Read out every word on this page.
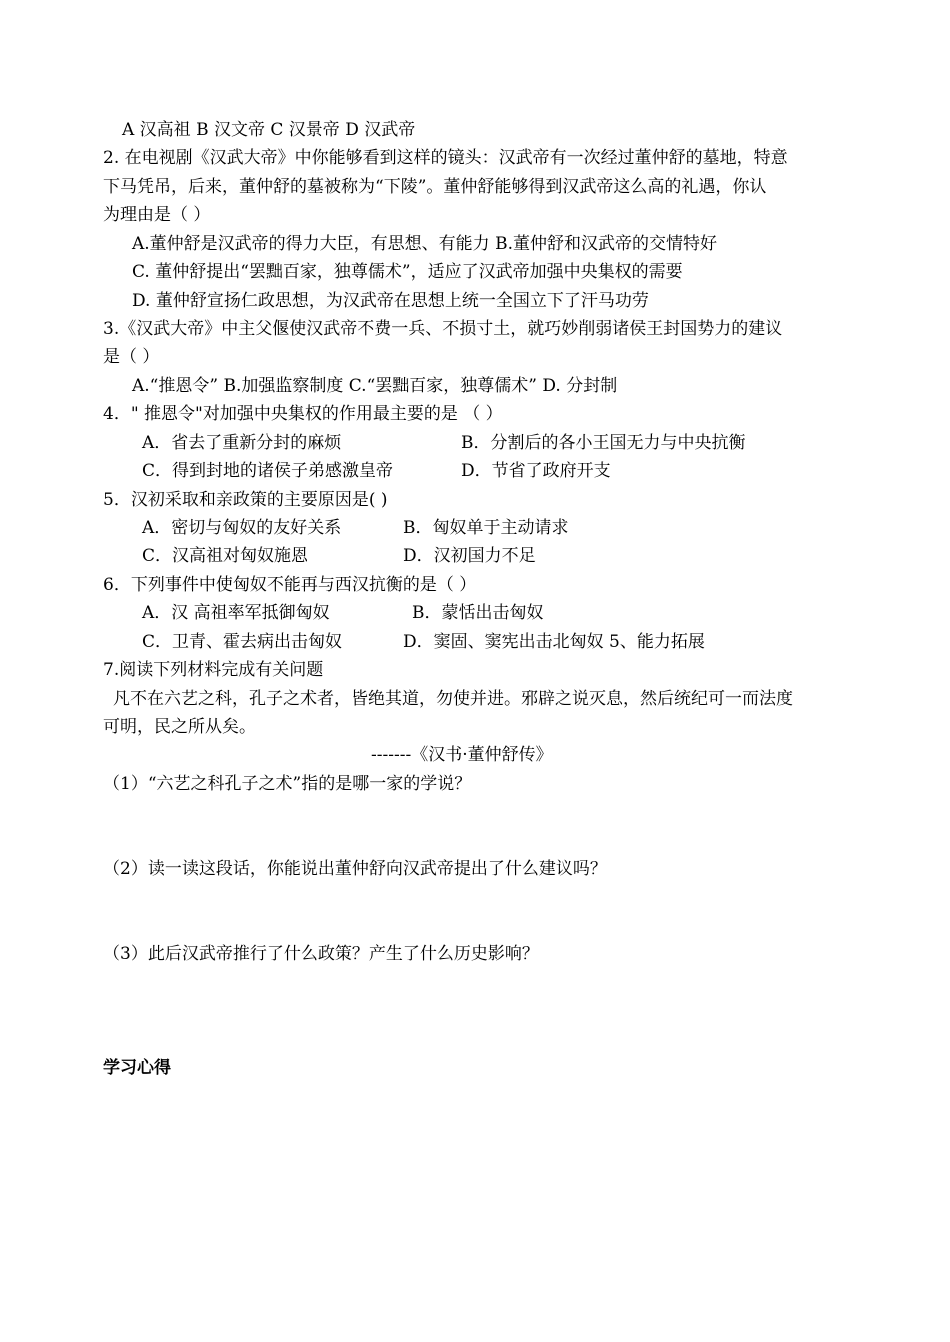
A 汉高祖 B 汉文帝 C 汉景帝 D 汉武帝
2. 在电视剧《汉武大帝》中你能够看到这样的镜头：汉武帝有一次经过董仲舒的墓地，特意
下马凭吊，后来，董仲舒的墓被称为“下陵”。董仲舒能够得到汉武帝这么高的礼遇，你认
为理由是（ ）
A.董仲舒是汉武帝的得力大臣，有思想、有能力 B.董仲舒和汉武帝的交情特好
C. 董仲舒提出“罢黜百家，独尊儒术”，适应了汉武帝加强中央集权的需要
D. 董仲舒宣扬仁政思想，为汉武帝在思想上统一全国立下了汗马功劳
3.《汉武大帝》中主父偃使汉武帝不费一兵、不损寸土，就巧妙削弱诸侯王封国势力的建议
是（ ）
A.“推恩令” B.加强监察制度 C.“罢黜百家，独尊儒术” D. 分封制
4．" 推恩令"对加强中央集权的作用最主要的是 （ ）
A．省去了重新分封的麻烦	B．分割后的各小王国无力与中央抗衡
C．得到封地的诸侯子弟感激皇帝	D．节省了政府开支
5．汉初采取和亲政策的主要原因是( )
A．密切与匈奴的友好关系	B．匈奴单于主动请求
C．汉高祖对匈奴施恩	D．汉初国力不足
6．下列事件中使匈奴不能再与西汉抗衡的是（ ）
A．汉 高祖率军抵御匈奴	B．蒙恬出击匈奴
C．卫青、霍去病出击匈奴	D．窦固、窦宪出击北匈奴 5、能力拓展
7.阅读下列材料完成有关问题
凡不在六艺之科，孔子之术者，皆绝其道，勿使并进。邪辟之说灭息，然后统纪可一而法度
可明，民之所从矣。
-------《汉书·董仲舒传》
（1）“六艺之科孔子之术”指的是哪一家的学说？
（2）读一读这段话，你能说出董仲舒向汉武帝提出了什么建议吗？
（3）此后汉武帝推行了什么政策？产生了什么历史影响？
学习心得
